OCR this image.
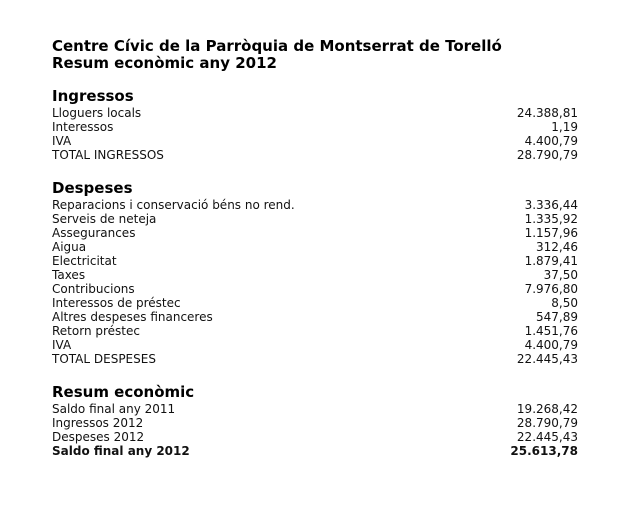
Centre Cívic de la Parròquia de Montserrat de Torelló
Resum econòmic any 2012
Ingressos
Lloguers locals	24.388,81
Interessos	1,19
IVA	4.400,79
TOTAL INGRESSOS	28.790,79
Despeses
Reparacions i conservació béns no rend.	3.336,44
Serveis de neteja	1.335,92
Assegurances	1.157,96
Aigua	312,46
Electricitat	1.879,41
Taxes	37,50
Contribucions	7.976,80
Interessos de préstec	8,50
Altres despeses financeres	547,89
Retorn préstec	1.451,76
IVA	4.400,79
TOTAL DESPESES	22.445,43
Resum econòmic
Saldo final any 2011	19.268,42
Ingressos 2012	28.790,79
Despeses 2012	22.445,43
Saldo final any 2012	25.613,78
